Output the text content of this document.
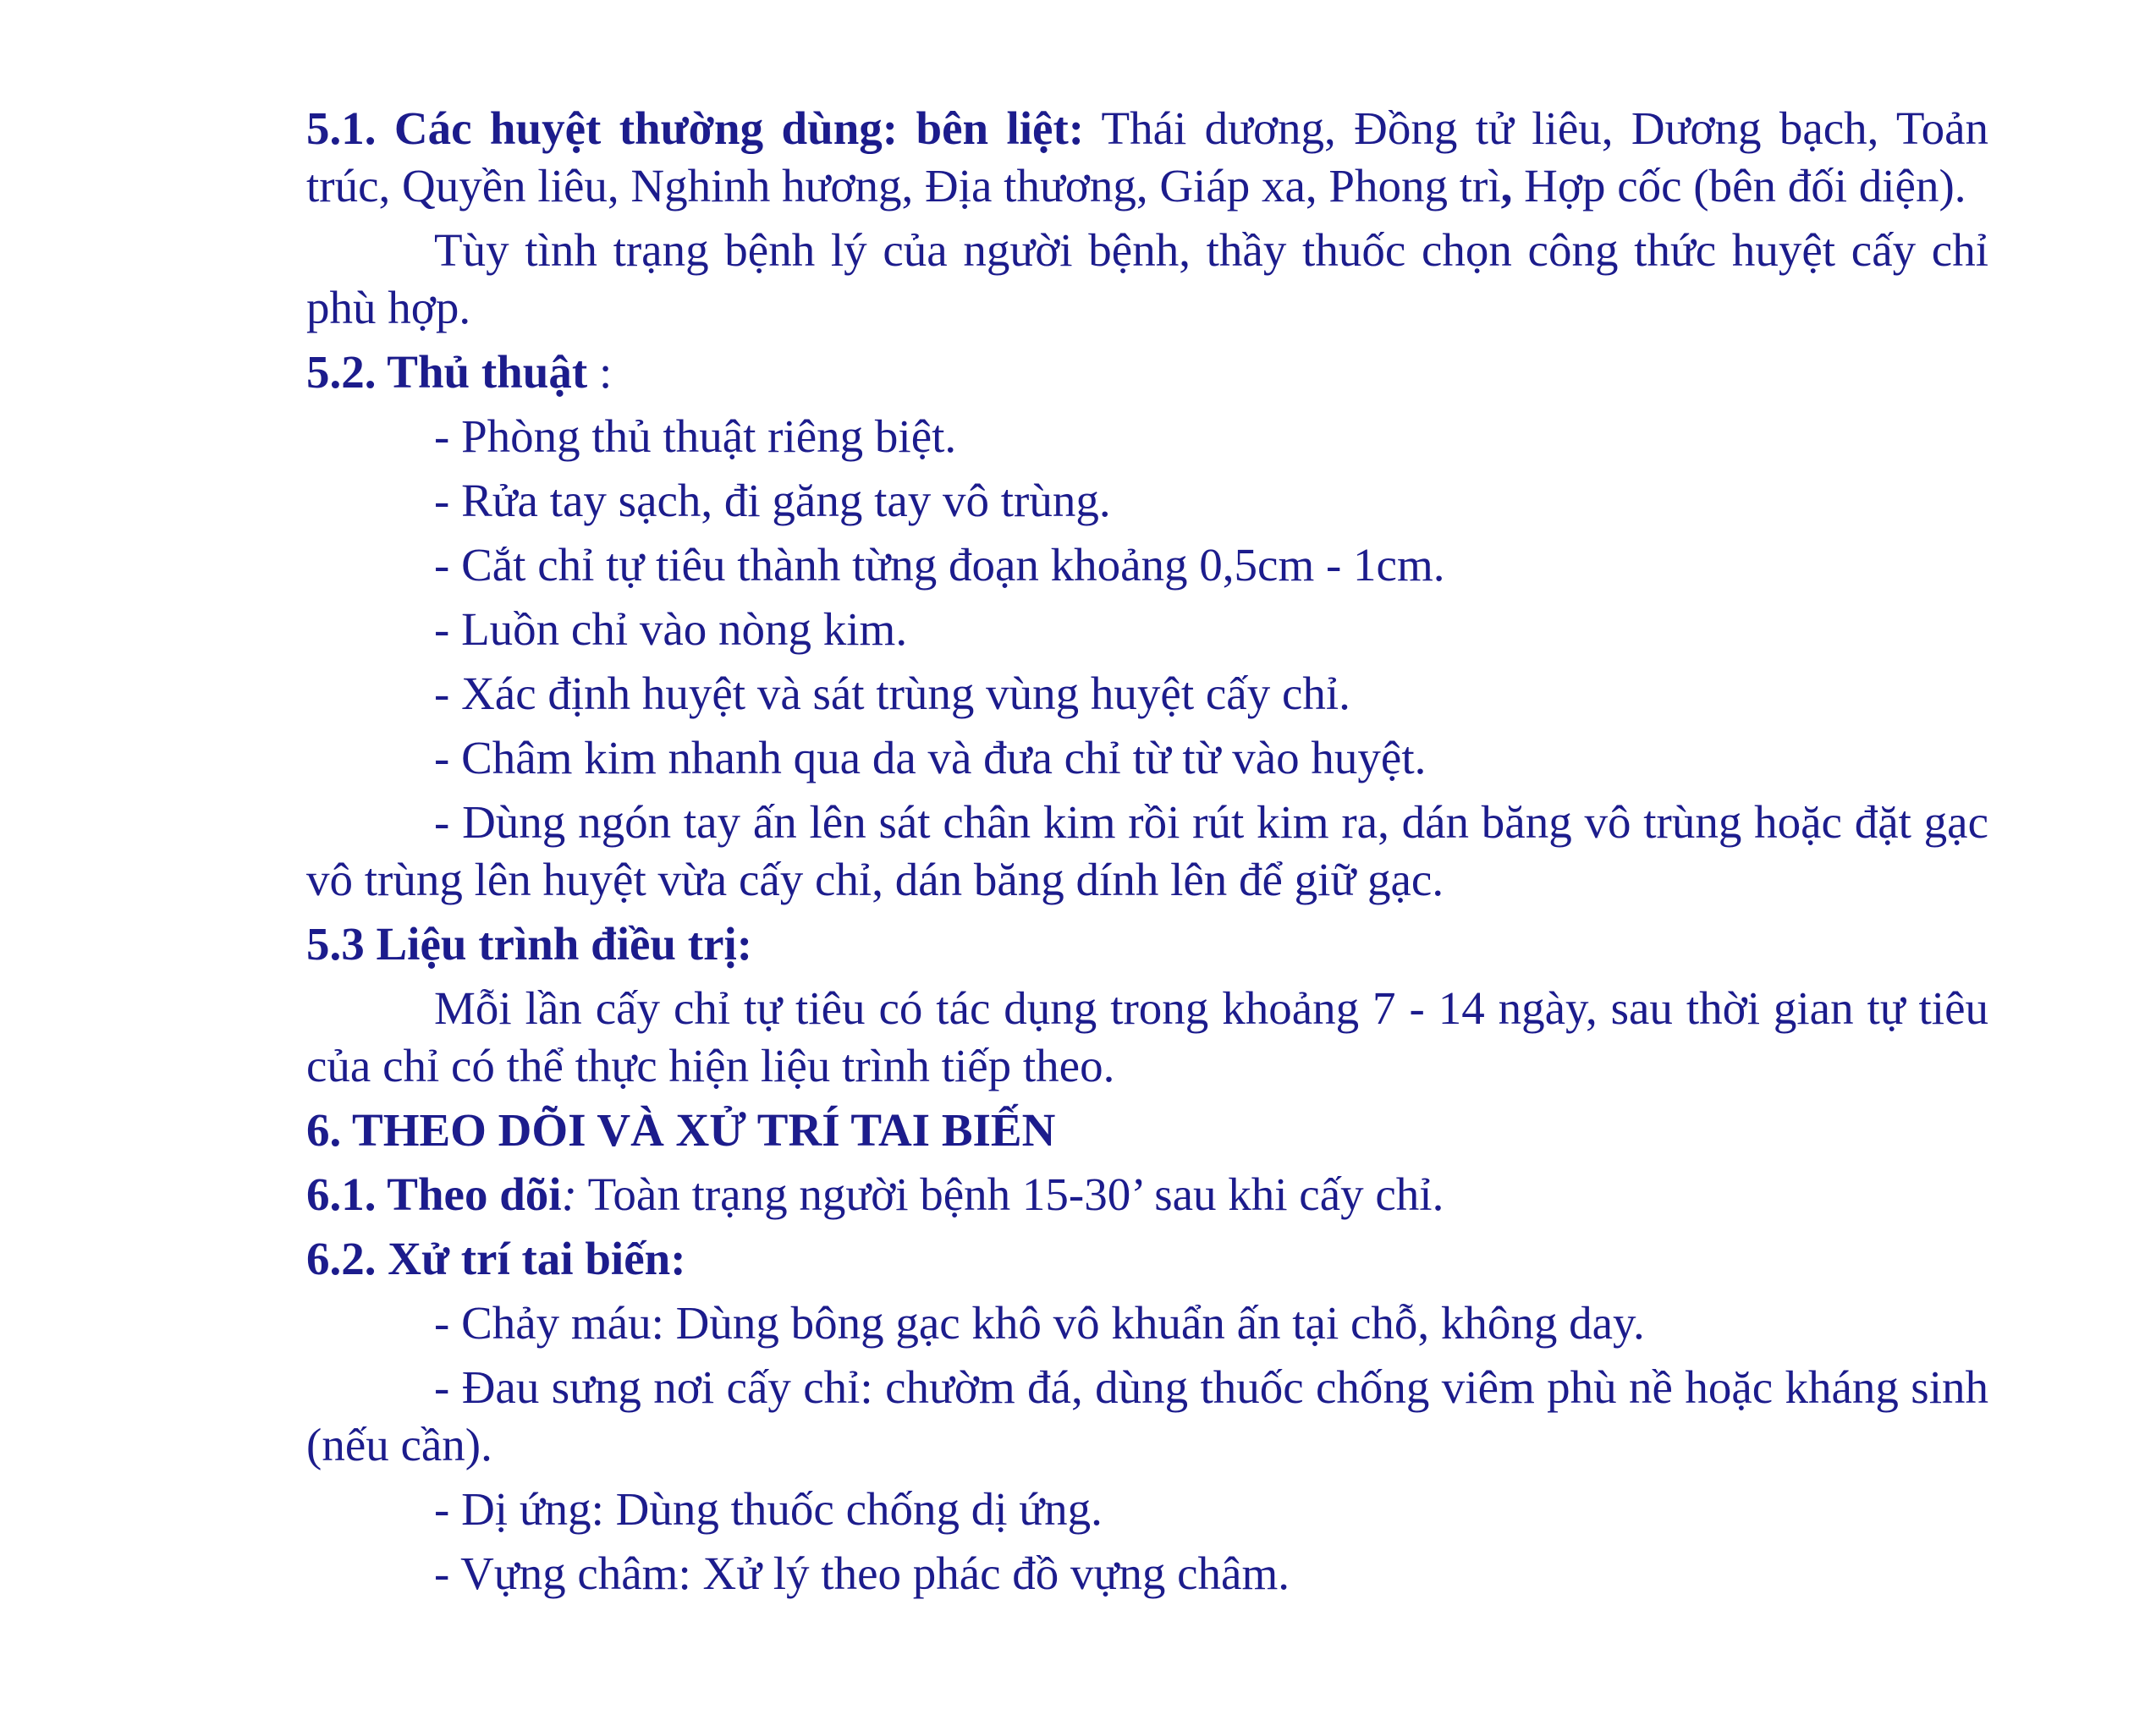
5.1. Các huyệt thường dùng: bên liệt: Thái dương, Đồng tử liêu, Dương bạch, Toản trúc, Quyền liêu, Nghinh hương, Địa thương, Giáp xa, Phong trì, Hợp cốc (bên đối diện).

Tùy tình trạng bệnh lý của người bệnh, thầy thuốc chọn công thức huyệt cấy chỉ phù hợp.

5.2. Thủ thuật :

- Phòng thủ thuật riêng biệt.
- Rửa tay sạch, đi găng tay vô trùng.
- Cắt chỉ tự tiêu thành từng đoạn khoảng 0,5cm - 1cm.
- Luồn chỉ vào nòng kim.
- Xác định huyệt và sát trùng vùng huyệt cấy chỉ.
- Châm kim nhanh qua da và đưa chỉ từ từ vào huyệt.

- Dùng ngón tay ấn lên sát chân kim rồi rút kim ra, dán băng vô trùng hoặc đặt gạc vô trùng lên huyệt vừa cấy chỉ, dán băng dính lên để giữ gạc.

5.3 Liệu trình điều trị:

Mỗi lần cấy chỉ tự tiêu có tác dụng trong khoảng 7 - 14 ngày, sau thời gian tự tiêu của chỉ có thể thực hiện liệu trình tiếp theo.

6. THEO DÕI VÀ XỬ TRÍ TAI BIẾN

6.1. Theo dõi: Toàn trạng người bệnh 15-30’ sau khi cấy chỉ.

6.2. Xử trí tai biến:

- Chảy máu: Dùng bông gạc khô vô khuẩn ấn tại chỗ, không day.

- Đau sưng nơi cấy chỉ: chườm đá, dùng thuốc chống viêm phù nề hoặc kháng sinh (nếu cần).

- Dị ứng: Dùng thuốc chống dị ứng.
- Vựng châm: Xử lý theo phác đồ vựng châm.
